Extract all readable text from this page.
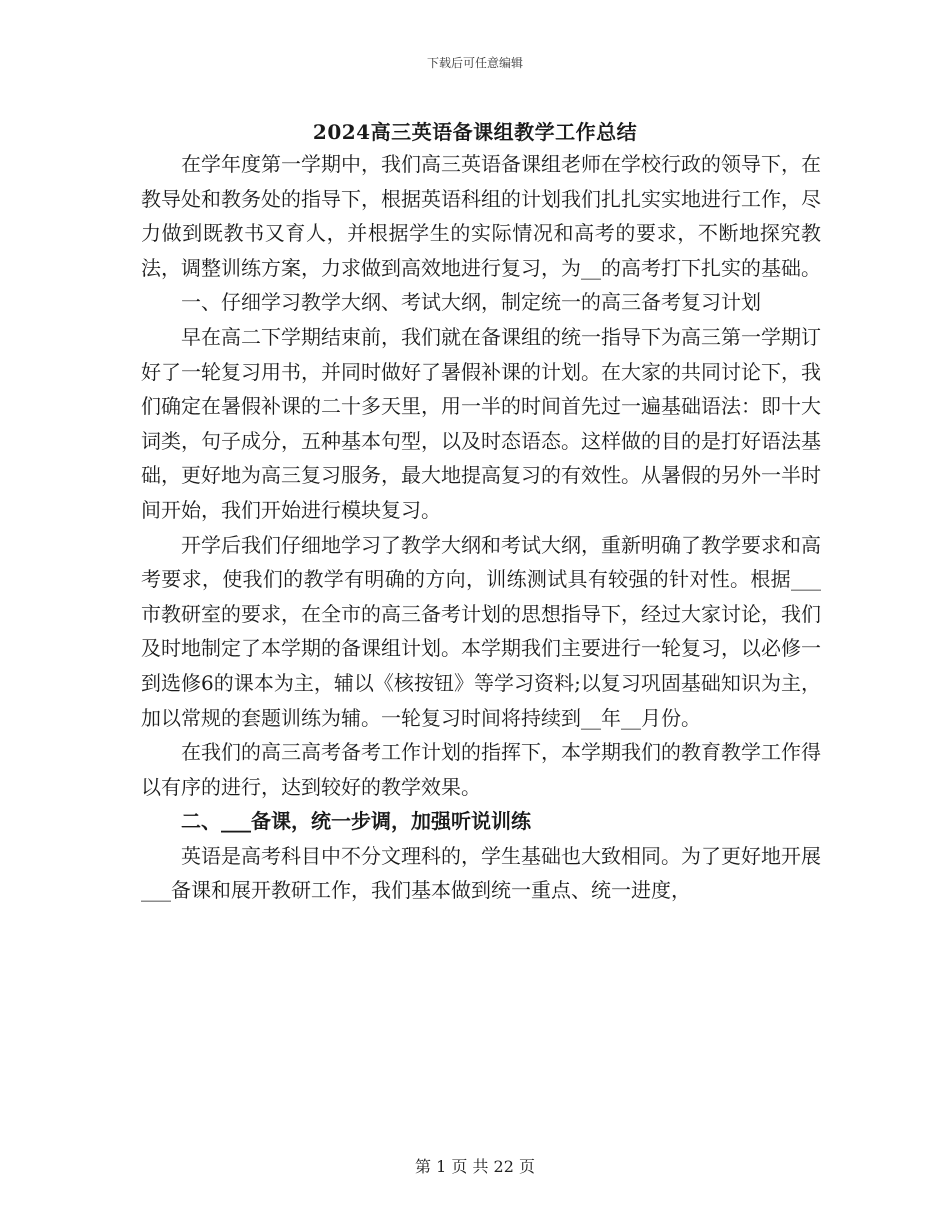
下载后可任意编辑
2024高三英语备课组教学工作总结

在学年度第一学期中，我们高三英语备课组老师在学校行政的领导下，在教导处和教务处的指导下，根据英语科组的计划我们扎扎实实地进行工作，尽力做到既教书又育人，并根据学生的实际情况和高考的要求，不断地探究教法，调整训练方案，力求做到高效地进行复习，为__的高考打下扎实的基础。

一、仔细学习教学大纲、考试大纲，制定统一的高三备考复习计划

早在高二下学期结束前，我们就在备课组的统一指导下为高三第一学期订好了一轮复习用书，并同时做好了暑假补课的计划。在大家的共同讨论下，我们确定在暑假补课的二十多天里，用一半的时间首先过一遍基础语法：即十大词类，句子成分，五种基本句型，以及时态语态。这样做的目的是打好语法基础，更好地为高三复习服务，最大地提高复习的有效性。从暑假的另外一半时间开始，我们开始进行模块复习。

开学后我们仔细地学习了教学大纲和考试大纲，重新明确了教学要求和高考要求，使我们的教学有明确的方向，训练测试具有较强的针对性。根据___市教研室的要求，在全市的高三备考计划的思想指导下，经过大家讨论，我们及时地制定了本学期的备课组计划。本学期我们主要进行一轮复习，以必修一到选修6的课本为主，辅以《核按钮》等学习资料;以复习巩固基础知识为主，加以常规的套题训练为辅。一轮复习时间将持续到__年__月份。

在我们的高三高考备考工作计划的指挥下，本学期我们的教育教学工作得以有序的进行，达到较好的教学效果。

二、___备课，统一步调，加强听说训练

英语是高考科目中不分文理科的，学生基础也大致相同。为了更好地开展___备课和展开教研工作，我们基本做到统一重点、统一进度，

第 1 页 共 22 页
